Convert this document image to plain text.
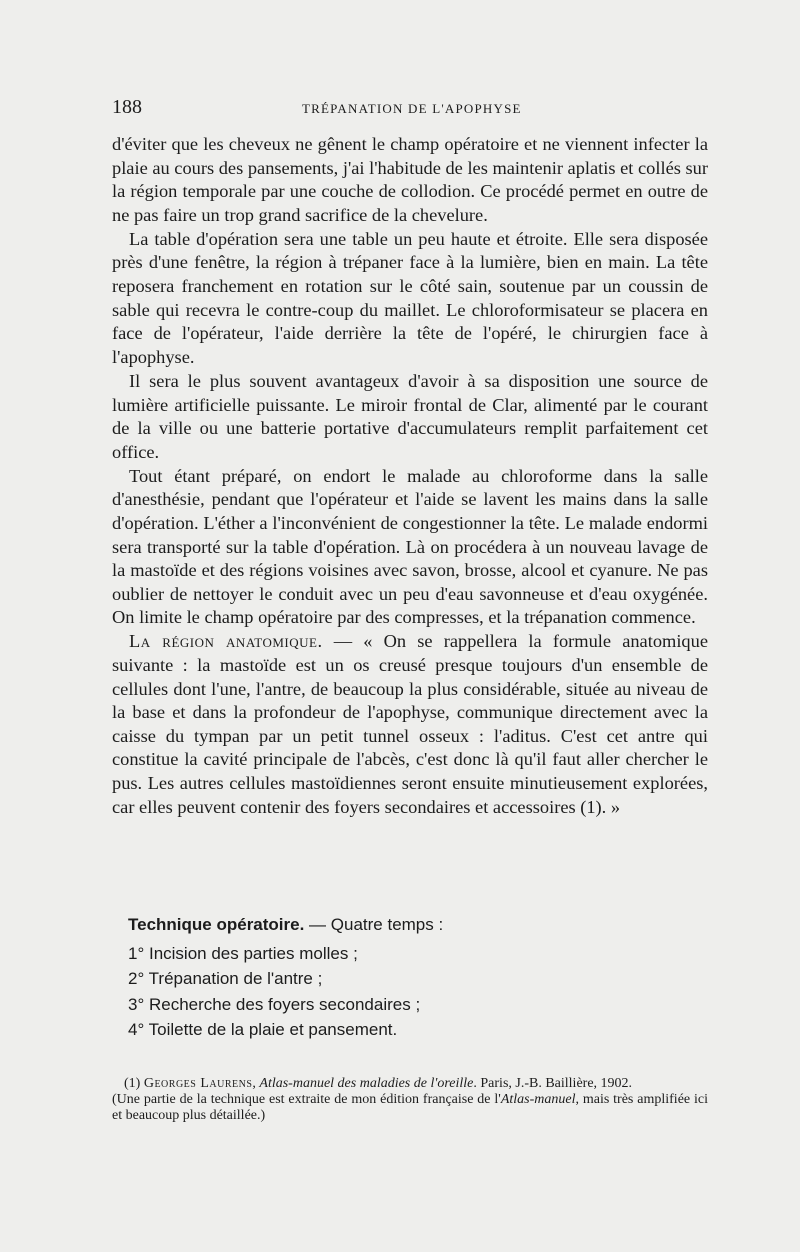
188	TRÉPANATION DE L'APOPHYSE

d'éviter que les cheveux ne gênent le champ opératoire et ne viennent infecter la plaie au cours des pansements, j'ai l'habitude de les maintenir aplatis et collés sur la région temporale par une couche de collodion. Ce procédé permet en outre de ne pas faire un trop grand sacrifice de la chevelure.

La table d'opération sera une table un peu haute et étroite. Elle sera disposée près d'une fenêtre, la région à trépaner face à la lumière, bien en main. La tête reposera franchement en rotation sur le côté sain, soutenue par un coussin de sable qui recevra le contre-coup du maillet. Le chloroformisateur se placera en face de l'opérateur, l'aide derrière la tête de l'opéré, le chirurgien face à l'apophyse.

Il sera le plus souvent avantageux d'avoir à sa disposition une source de lumière artificielle puissante. Le miroir frontal de Clar, alimenté par le courant de la ville ou une batterie portative d'accumulateurs remplit parfaitement cet office.

Tout étant préparé, on endort le malade au chloroforme dans la salle d'anesthésie, pendant que l'opérateur et l'aide se lavent les mains dans la salle d'opération. L'éther a l'inconvénient de congestionner la tête. Le malade endormi sera transporté sur la table d'opération. Là on procédera à un nouveau lavage de la mastoïde et des régions voisines avec savon, brosse, alcool et cyanure. Ne pas oublier de nettoyer le conduit avec un peu d'eau savonneuse et d'eau oxygénée. On limite le champ opératoire par des compresses, et la trépanation commence.

La région anatomique. — « On se rappellera la formule anatomique suivante : la mastoïde est un os creusé presque toujours d'un ensemble de cellules dont l'une, l'antre, de beaucoup la plus considérable, située au niveau de la base et dans la profondeur de l'apophyse, communique directement avec la caisse du tympan par un petit tunnel osseux : l'aditus. C'est cet antre qui constitue la cavité principale de l'abcès, c'est donc là qu'il faut aller chercher le pus. Les autres cellules mastoïdiennes seront ensuite minutieusement explorées, car elles peuvent contenir des foyers secondaires et accessoires (1). »

Technique opératoire. — Quatre temps :

1° Incision des parties molles ;

2° Trépanation de l'antre ;

3° Recherche des foyers secondaires ;

4° Toilette de la plaie et pansement.

(1) Georges Laurens, Atlas-manuel des maladies de l'oreille. Paris, J.-B. Baillière, 1902.

(Une partie de la technique est extraite de mon édition française de l'Atlas-manuel, mais très amplifiée ici et beaucoup plus détaillée.)
